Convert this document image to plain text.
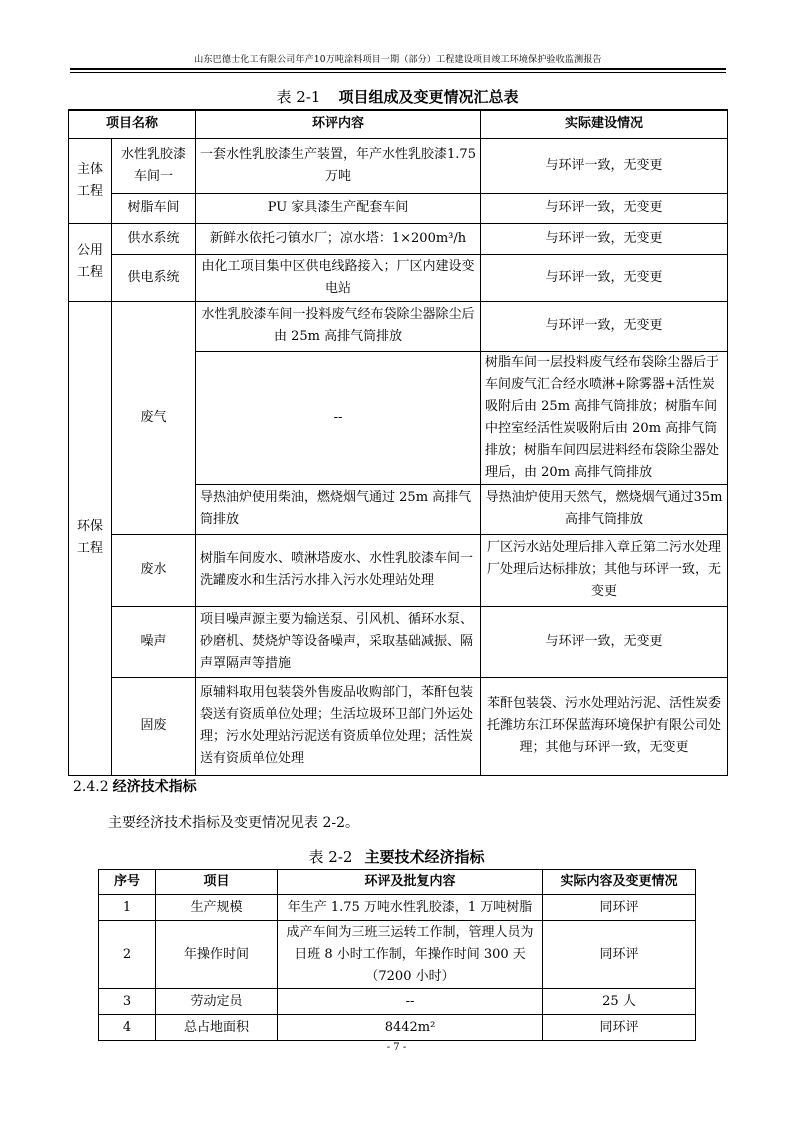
山东巴德士化工有限公司年产10万吨涂料项目一期（部分）工程建设项目竣工环境保护验收监测报告
表 2-1 项目组成及变更情况汇总表
项目名称		环评内容	实际建设情况
主体工程	水性乳胶漆车间一	一套水性乳胶漆生产装置，年产水性乳胶漆1.75万吨	与环评一致，无变更
	树脂车间	PU 家具漆生产配套车间	与环评一致，无变更
公用工程	供水系统	新鲜水依托刁镇水厂；凉水塔：1×200m³/h	与环评一致，无变更
	供电系统	由化工项目集中区供电线路接入；厂区内建设变电站	与环评一致，无变更
环保工程	废气	水性乳胶漆车间一投料废气经布袋除尘器除尘后由 25m 高排气筒排放	与环评一致，无变更
		--	树脂车间一层投料废气经布袋除尘器后于车间废气汇合经水喷淋+除雾器+活性炭吸附后由 25m 高排气筒排放；树脂车间中控室经活性炭吸附后由 20m 高排气筒排放；树脂车间四层进料经布袋除尘器处理后，由 20m 高排气筒排放
		导热油炉使用柴油，燃烧烟气通过 25m 高排气筒排放	导热油炉使用天然气，燃烧烟气通过35m 高排气筒排放
	废水	树脂车间废水、喷淋塔废水、水性乳胶漆车间一洗罐废水和生活污水排入污水处理站处理	厂区污水站处理后排入章丘第二污水处理厂处理后达标排放；其他与环评一致，无变更
	噪声	项目噪声源主要为输送泵、引风机、循环水泵、砂磨机、焚烧炉等设备噪声，采取基础减振、隔声罩隔声等措施	与环评一致，无变更
	固废	原辅料取用包装袋外售废品收购部门，苯酐包装袋送有资质单位处理；生活垃圾环卫部门外运处理；污水处理站污泥送有资质单位处理；活性炭送有资质单位处理	苯酐包装袋、污水处理站污泥、活性炭委托潍坊东江环保蓝海环境保护有限公司处理；其他与环评一致，无变更
2.4.2 经济技术指标
主要经济技术指标及变更情况见表 2-2。
表 2-2 主要技术经济指标
序号	项目	环评及批复内容	实际内容及变更情况
1	生产规模	年生产 1.75 万吨水性乳胶漆，1 万吨树脂	同环评
2	年操作时间	成产车间为三班三运转工作制，管理人员为日班 8 小时工作制，年操作时间 300 天（7200 小时）	同环评
3	劳动定员	--	25 人
4	总占地面积	8442m²	同环评
- 7 -
